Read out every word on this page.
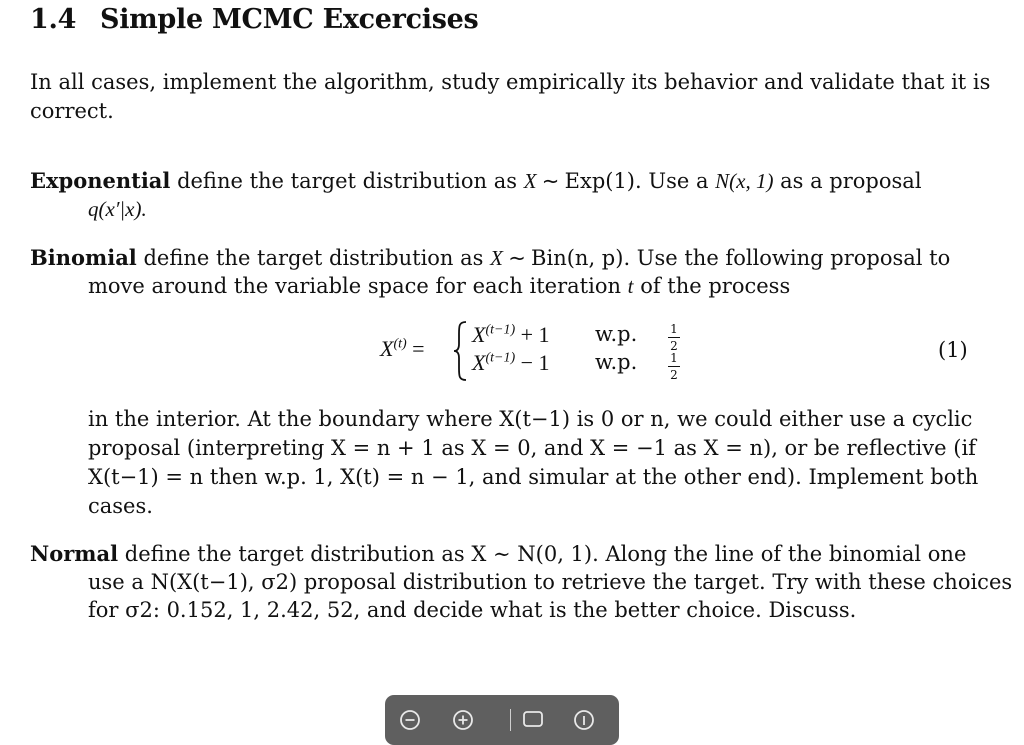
1.4 Simple MCMC Excercises
In all cases, implement the algorithm, study empirically its behavior and validate that it is
correct.
Exponential define the target distribution as X ∼ Exp(1). Use a N(x, 1) as a proposal
q(x′|x).
Binomial define the target distribution as X ∼ Bin(n, p). Use the following proposal to
move around the variable space for each iteration t of the process
$X^{(t)}$ =
$X^{(t-1)} + 1$
$X^{(t-1)} - 1$
w.p.
w.p.
1
2
1
2
(1)
in the interior. At the boundary where X(t−1) is 0 or n, we could either use a cyclic
proposal (interpreting X = n + 1 as X = 0, and X = −1 as X = n), or be reflective (if
X(t−1) = n then w.p. 1, X(t) = n − 1, and simular at the other end). Implement both
cases.
Normal define the target distribution as X ∼ N(0, 1). Along the line of the binomial one
use a N(X(t−1), σ2) proposal distribution to retrieve the target. Try with these choices
for σ2: 0.152, 1, 2.42, 52, and decide what is the better choice. Discuss.
